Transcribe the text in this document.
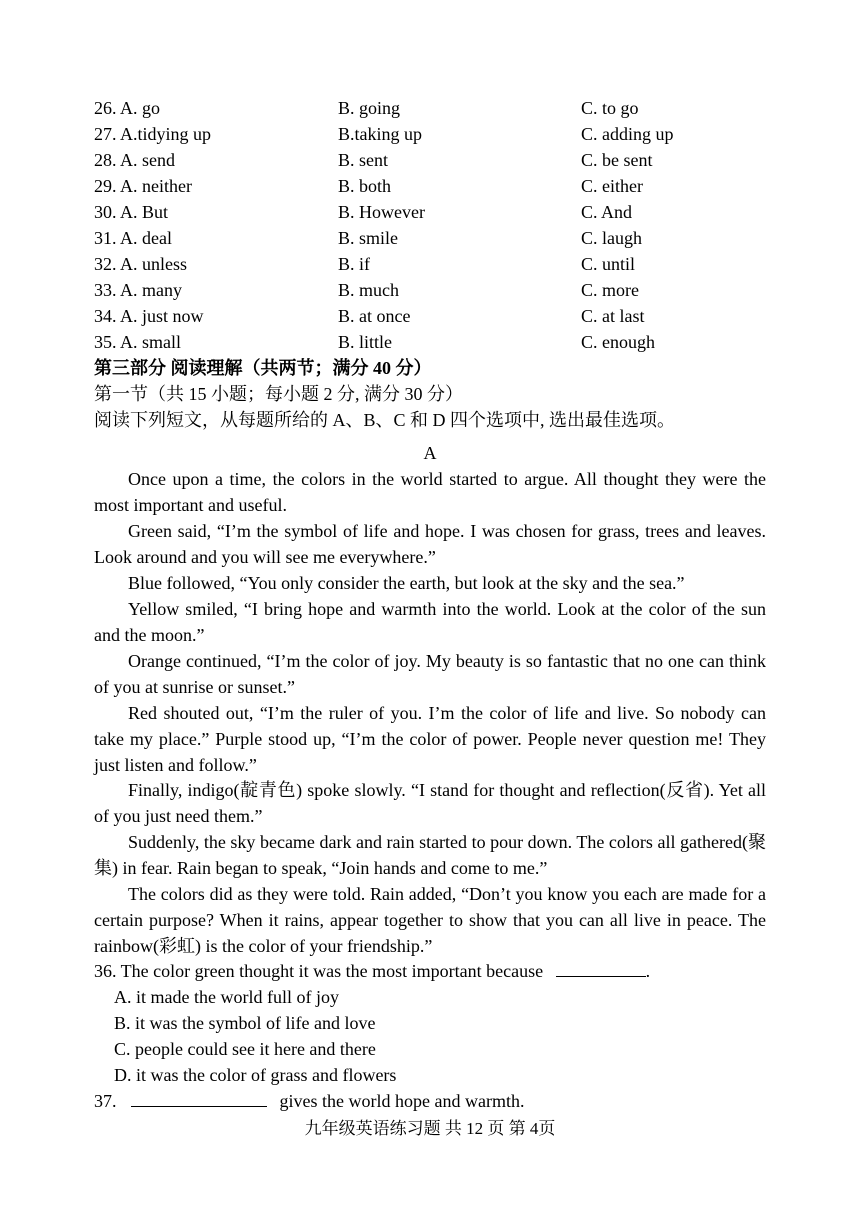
26. A. go	B. going	C. to go
27. A.tidying up	B.taking up	C. adding up
28. A. send	B. sent	C. be sent
29. A. neither	B. both	C. either
30. A. But	B. However	C. And
31. A. deal	B. smile	C. laugh
32. A. unless	B. if	C. until
33. A. many	B. much	C. more
34. A. just now	B. at once	C. at last
35. A. small	B. little	C. enough
第三部分 阅读理解（共两节；满分 40 分）
第一节（共 15 小题；每小题 2 分, 满分 30 分）
阅读下列短文，从每题所给的 A、B、C 和 D 四个选项中, 选出最佳选项。
A

Once upon a time, the colors in the world started to argue. All thought they were the most important and useful.

Green said, “I’m the symbol of life and hope. I was chosen for grass, trees and leaves. Look around and you will see me everywhere.”

Blue followed, “You only consider the earth, but look at the sky and the sea.”

Yellow smiled, “I bring hope and warmth into the world. Look at the color of the sun and the moon.”

Orange continued, “I’m the color of joy. My beauty is so fantastic that no one can think of you at sunrise or sunset.”

Red shouted out, “I’m the ruler of you. I’m the color of life and live. So nobody can take my place.” Purple stood up, “I’m the color of power. People never question me! They just listen and follow.”

Finally, indigo(靛青色) spoke slowly. “I stand for thought and reflection(反省). Yet all of you just need them.”

Suddenly, the sky became dark and rain started to pour down. The colors all gathered(聚集) in fear. Rain began to speak, “Join hands and come to me.”

The colors did as they were told. Rain added, “Don’t you know you each are made for a certain purpose? When it rains, appear together to show that you can all live in peace. The rainbow(彩虹) is the color of your friendship.”

36. The color green thought it was the most important because	.
A. it made the world full of joy
B. it was the symbol of life and love
C. people could see it here and there
D. it was the color of grass and flowers
37.	gives the world hope and warmth.
九年级英语练习题 共 12 页 第 4页
